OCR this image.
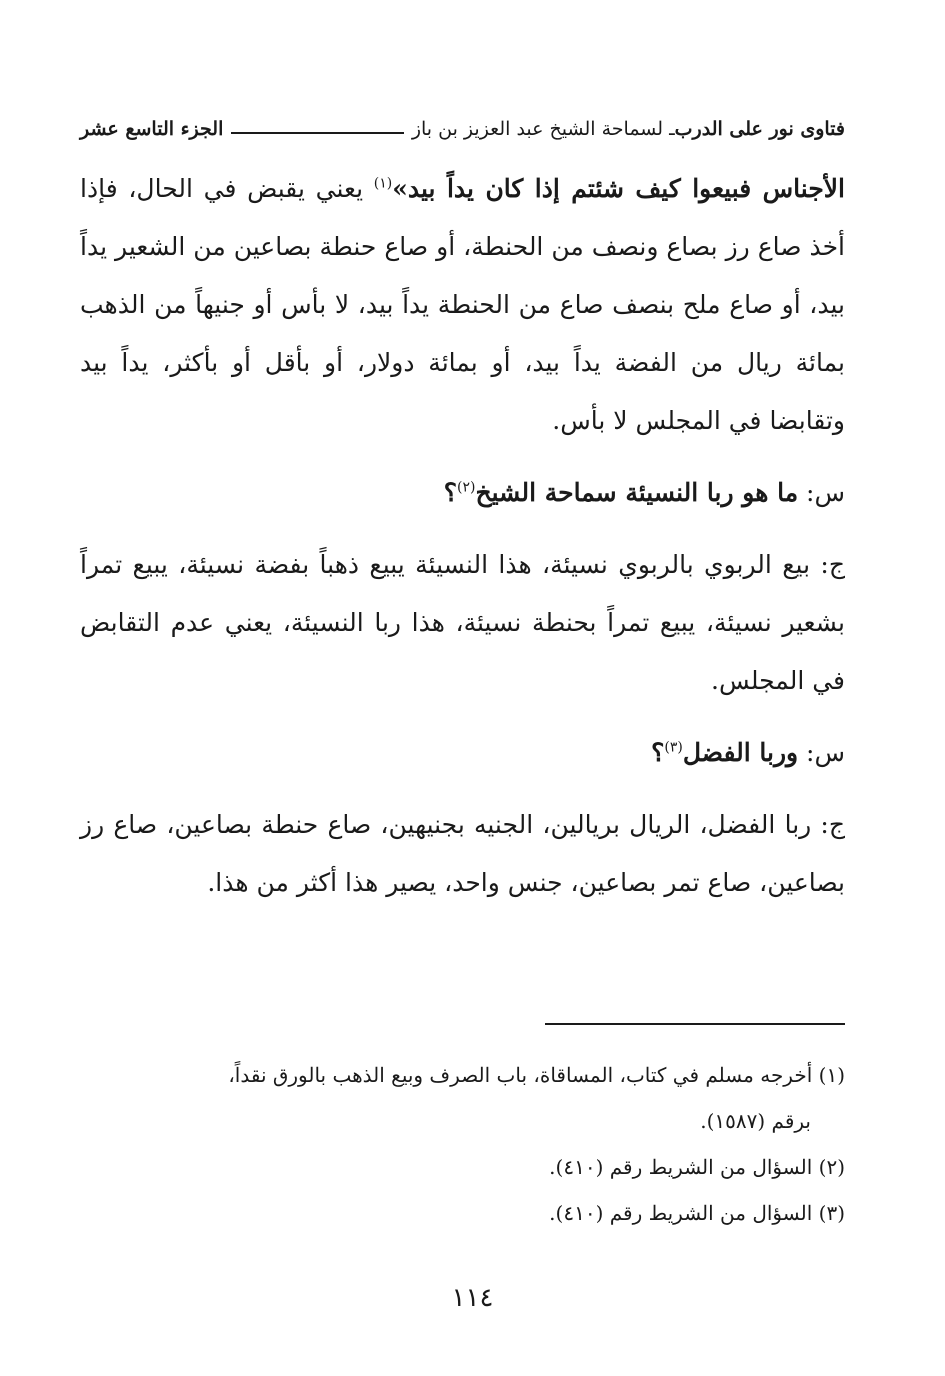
فتاوى نور على الدرب
ـ لسماحة الشيخ عبد العزيز بن باز
الجزء التاسع عشر

الأجناس فبيعوا كيف شئتم إذا كان يداً بيد»$^{(١)}$ يعني يقبض في الحال، فإذا أخذ صاع رز بصاع ونصف من الحنطة، أو صاع حنطة بصاعين من الشعير يداً بيد، أو صاع ملح بنصف صاع من الحنطة يداً بيد، لا بأس أو جنيهاً من الذهب بمائة ريال من الفضة يداً بيد، أو بمائة دولار، أو بأقل أو بأكثر، يداً بيد وتقابضا في المجلس لا بأس.

س: ما هو ربا النسيئة سماحة الشيخ$^{(٢)}$؟

ج: بيع الربوي بالربوي نسيئة، هذا النسيئة يبيع ذهباً بفضة نسيئة، يبيع تمراً بشعير نسيئة، يبيع تمراً بحنطة نسيئة، هذا ربا النسيئة، يعني عدم التقابض في المجلس.

س: وربا الفضل$^{(٣)}$؟

ج: ربا الفضل، الريال بريالين، الجنيه بجنيهين، صاع حنطة بصاعين، صاع رز بصاعين، صاع تمر بصاعين، جنس واحد، يصير هذا أكثر من هذا.

(١) أخرجه مسلم في كتاب، المساقاة، باب الصرف وبيع الذهب بالورق نقداً،

برقم (١٥٨٧).

(٢) السؤال من الشريط رقم (٤١٠).

(٣) السؤال من الشريط رقم (٤١٠).

١١٤
